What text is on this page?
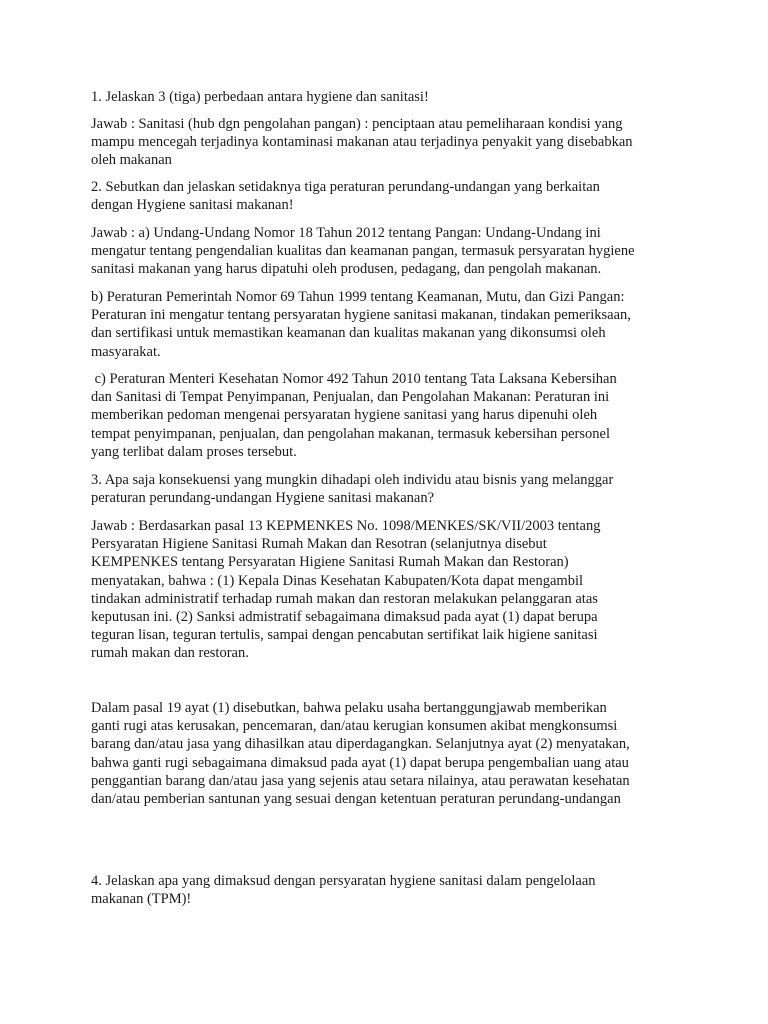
1. Jelaskan 3 (tiga) perbedaan antara hygiene dan sanitasi!

Jawab : Sanitasi (hub dgn pengolahan pangan) : penciptaan atau pemeliharaan kondisi yang
mampu mencegah terjadinya kontaminasi makanan atau terjadinya penyakit yang disebabkan
oleh makanan

2. Sebutkan dan jelaskan setidaknya tiga peraturan perundang-undangan yang berkaitan
dengan Hygiene sanitasi makanan!

Jawab : a) Undang-Undang Nomor 18 Tahun 2012 tentang Pangan: Undang-Undang ini
mengatur tentang pengendalian kualitas dan keamanan pangan, termasuk persyaratan hygiene
sanitasi makanan yang harus dipatuhi oleh produsen, pedagang, dan pengolah makanan.

b) Peraturan Pemerintah Nomor 69 Tahun 1999 tentang Keamanan, Mutu, dan Gizi Pangan:
Peraturan ini mengatur tentang persyaratan hygiene sanitasi makanan, tindakan pemeriksaan,
dan sertifikasi untuk memastikan keamanan dan kualitas makanan yang dikonsumsi oleh
masyarakat.

c) Peraturan Menteri Kesehatan Nomor 492 Tahun 2010 tentang Tata Laksana Kebersihan
dan Sanitasi di Tempat Penyimpanan, Penjualan, dan Pengolahan Makanan: Peraturan ini
memberikan pedoman mengenai persyaratan hygiene sanitasi yang harus dipenuhi oleh
tempat penyimpanan, penjualan, dan pengolahan makanan, termasuk kebersihan personel
yang terlibat dalam proses tersebut.

3. Apa saja konsekuensi yang mungkin dihadapi oleh individu atau bisnis yang melanggar
peraturan perundang-undangan Hygiene sanitasi makanan?

Jawab : Berdasarkan pasal 13 KEPMENKES No. 1098/MENKES/SK/VII/2003 tentang
Persyaratan Higiene Sanitasi Rumah Makan dan Resotran (selanjutnya disebut
KEMPENKES tentang Persyaratan Higiene Sanitasi Rumah Makan dan Restoran)
menyatakan, bahwa : (1) Kepala Dinas Kesehatan Kabupaten/Kota dapat mengambil
tindakan administratif terhadap rumah makan dan restoran melakukan pelanggaran atas
keputusan ini. (2) Sanksi admistratif sebagaimana dimaksud pada ayat (1) dapat berupa
teguran lisan, teguran tertulis, sampai dengan pencabutan sertifikat laik higiene sanitasi
rumah makan dan restoran.

Dalam pasal 19 ayat (1) disebutkan, bahwa pelaku usaha bertanggungjawab memberikan
ganti rugi atas kerusakan, pencemaran, dan/atau kerugian konsumen akibat mengkonsumsi
barang dan/atau jasa yang dihasilkan atau diperdagangkan. Selanjutnya ayat (2) menyatakan,
bahwa ganti rugi sebagaimana dimaksud pada ayat (1) dapat berupa pengembalian uang atau
penggantian barang dan/atau jasa yang sejenis atau setara nilainya, atau perawatan kesehatan
dan/atau pemberian santunan yang sesuai dengan ketentuan peraturan perundang-undangan

4. Jelaskan apa yang dimaksud dengan persyaratan hygiene sanitasi dalam pengelolaan
makanan (TPM)!
